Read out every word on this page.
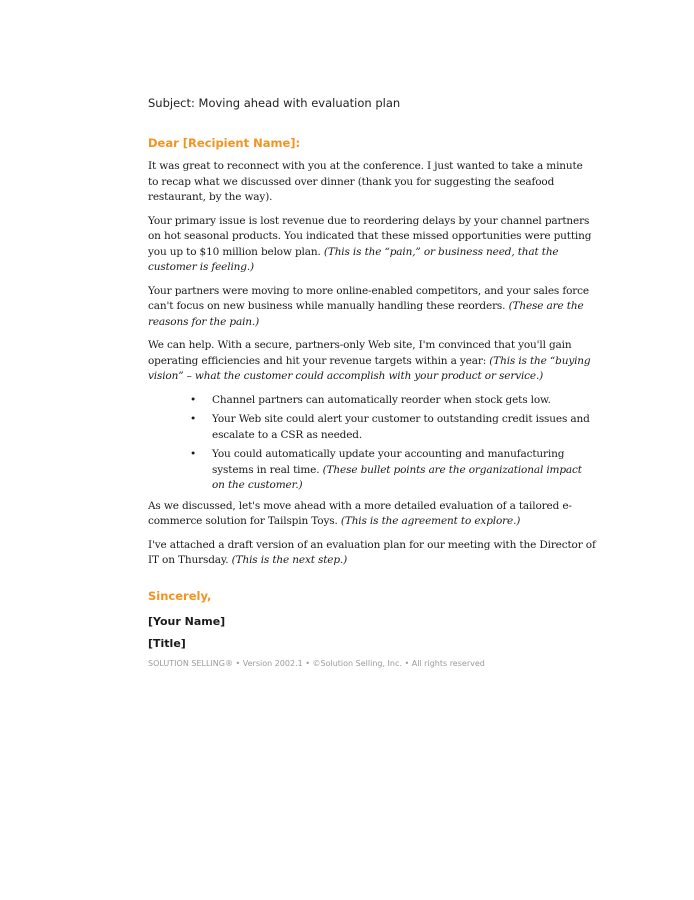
Subject: Moving ahead with evaluation plan
Dear [Recipient Name]:

It was great to reconnect with you at the conference. I just wanted to take a minute to recap what we discussed over dinner (thank you for suggesting the seafood restaurant, by the way).

Your primary issue is lost revenue due to reordering delays by your channel partners on hot seasonal products. You indicated that these missed opportunities were putting you up to $10 million below plan. (This is the “pain,” or business need, that the customer is feeling.)

Your partners were moving to more online-enabled competitors, and your sales force can't focus on new business while manually handling these reorders. (These are the reasons for the pain.)

We can help. With a secure, partners-only Web site, I'm convinced that you'll gain operating efficiencies and hit your revenue targets within a year: (This is the “buying vision” – what the customer could accomplish with your product or service.)

• Channel partners can automatically reorder when stock gets low.
• Your Web site could alert your customer to outstanding credit issues and escalate to a CSR as needed.
• You could automatically update your accounting and manufacturing systems in real time. (These bullet points are the organizational impact on the customer.)

As we discussed, let's move ahead with a more detailed evaluation of a tailored e-commerce solution for Tailspin Toys. (This is the agreement to explore.)

I've attached a draft version of an evaluation plan for our meeting with the Director of IT on Thursday. (This is the next step.)

Sincerely,
[Your Name]
[Title]
SOLUTION SELLING® • Version 2002.1 • ©Solution Selling, Inc. • All rights reserved
